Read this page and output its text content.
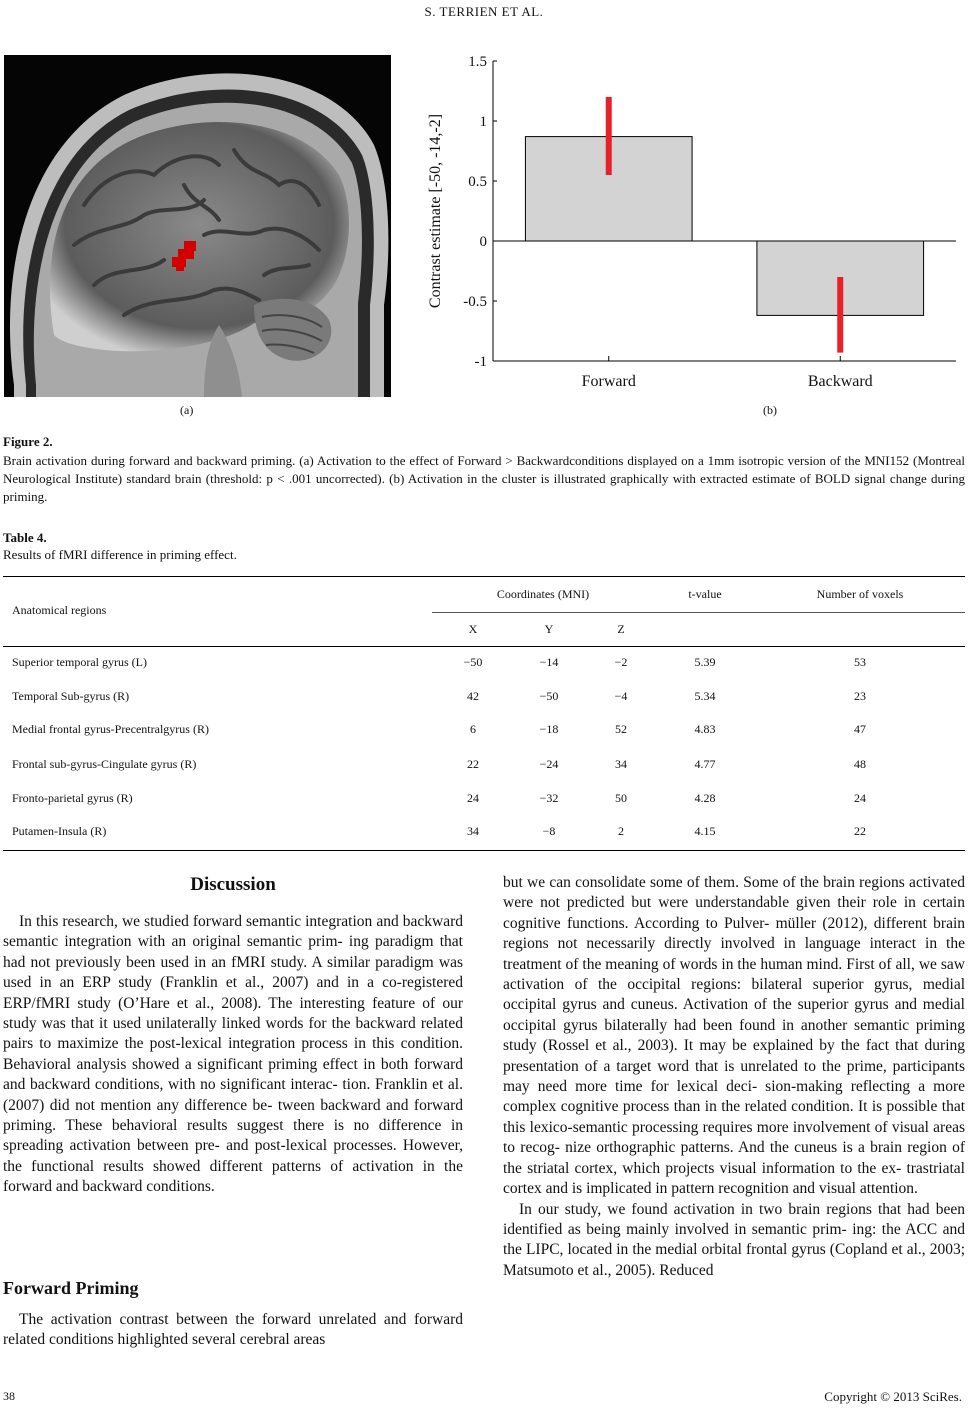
S. TERRIEN ET AL.
(a)
1.5
1
0.5
0
-0.5
-1
Contrast estimate [-50, -14,-2]
Forward	Backward
(b)
Figure 2.
Brain activation during forward and backward priming. (a) Activation to the effect of Forward > Backwardconditions displayed on a 1mm isotropic version of the MNI152 (Montreal Neurological Institute) standard brain (threshold: p < .001 uncorrected). (b) Activation in the cluster is illustrated graphically with extracted estimate of BOLD signal change during priming.
Table 4.
Results of fMRI difference in priming effect.
Anatomical regions
Coordinates (MNI)	t-value	Number of voxels
X	Y	Z
Superior temporal gyrus (L)	−50	−14	−2	5.39	53
Temporal Sub-gyrus (R)	42	−50	−4	5.34	23
Medial frontal gyrus-Precentralgyrus (R)	6	−18	52	4.83	47
Frontal sub-gyrus-Cingulate gyrus (R)	22	−24	34	4.77	48
Fronto-parietal gyrus (R)	24	−32	50	4.28	24
Putamen-Insula (R)	34	−8	2	4.15	22
Discussion

In this research, we studied forward semantic integration and backward semantic integration with an original semantic prim- ing paradigm that had not previously been used in an fMRI study. A similar paradigm was used in an ERP study (Franklin et al., 2007) and in a co-registered ERP/fMRI study (O’Hare et al., 2008). The interesting feature of our study was that it used unilaterally linked words for the backward related pairs to maximize the post-lexical integration process in this condition. Behavioral analysis showed a significant priming effect in both forward and backward conditions, with no significant interac- tion. Franklin et al. (2007) did not mention any difference be- tween backward and forward priming. These behavioral results suggest there is no difference in spreading activation between pre- and post-lexical processes. However, the functional results showed different patterns of activation in the forward and backward conditions.

Forward Priming

The activation contrast between the forward unrelated and forward related conditions highlighted several cerebral areas

but we can consolidate some of them. Some of the brain regions activated were not predicted but were understandable given their role in certain cognitive functions. According to Pulver- müller (2012), different brain regions not necessarily directly involved in language interact in the treatment of the meaning of words in the human mind. First of all, we saw activation of the occipital regions: bilateral superior gyrus, medial occipital gyrus and cuneus. Activation of the superior gyrus and medial occipital gyrus bilaterally had been found in another semantic priming study (Rossel et al., 2003). It may be explained by the fact that during presentation of a target word that is unrelated to the prime, participants may need more time for lexical deci- sion-making reflecting a more complex cognitive process than in the related condition. It is possible that this lexico-semantic processing requires more involvement of visual areas to recog- nize orthographic patterns. And the cuneus is a brain region of the striatal cortex, which projects visual information to the ex- trastriatal cortex and is implicated in pattern recognition and visual attention.

In our study, we found activation in two brain regions that had been identified as being mainly involved in semantic prim- ing: the ACC and the LIPC, located in the medial orbital frontal gyrus (Copland et al., 2003; Matsumoto et al., 2005). Reduced

38	Copyright © 2013 SciRes.
